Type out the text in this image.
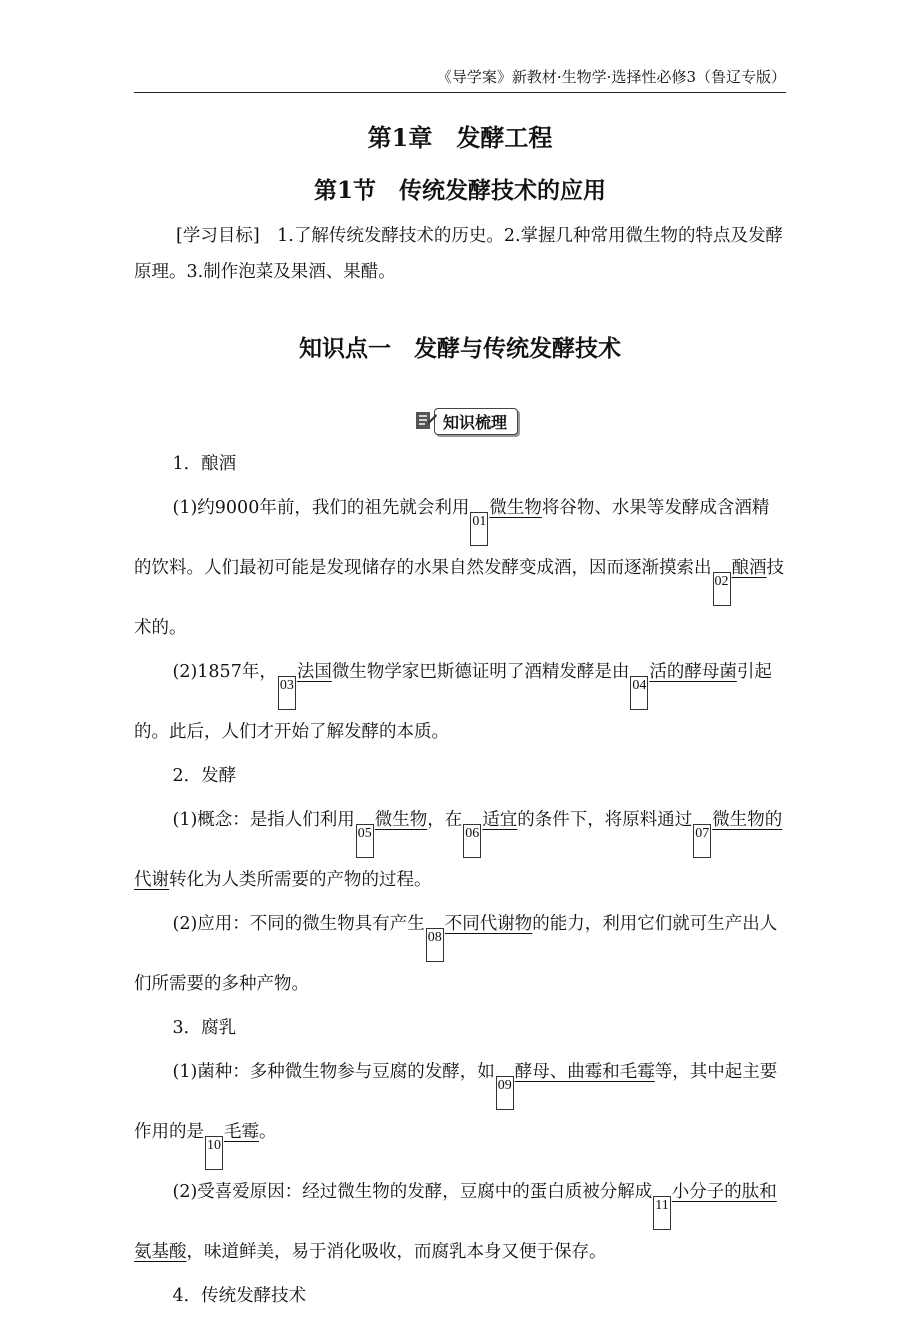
《导学案》新教材·生物学·选择性必修3（鲁辽专版）
第1章　发酵工程
第1节　传统发酵技术的应用
[学习目标]　1.了解传统发酵技术的历史。2.掌握几种常用微生物的特点及发酵原理。3.制作泡菜及果酒、果醋。
知识点一　发酵与传统发酵技术
知识梳理

1．酿酒

(1)约9000年前，我们的祖先就会利用01微生物将谷物、水果等发酵成含酒精的饮料。人们最初可能是发现储存的水果自然发酵变成酒，因而逐渐摸索出02酿酒技术的。

(2)1857年，03法国微生物学家巴斯德证明了酒精发酵是由04活的酵母菌引起的。此后，人们才开始了解发酵的本质。

2．发酵

(1)概念：是指人们利用05微生物，在06适宜的条件下，将原料通过07微生物的代谢转化为人类所需要的产物的过程。

(2)应用：不同的微生物具有产生08不同代谢物的能力，利用它们就可生产出人们所需要的多种产物。

3．腐乳

(1)菌种：多种微生物参与豆腐的发酵，如09酵母、曲霉和毛霉等，其中起主要作用的是10毛霉。

(2)受喜爱原因：经过微生物的发酵，豆腐中的蛋白质被分解成11小分子的肽和氨基酸，味道鲜美，易于消化吸收，而腐乳本身又便于保存。

4．传统发酵技术
